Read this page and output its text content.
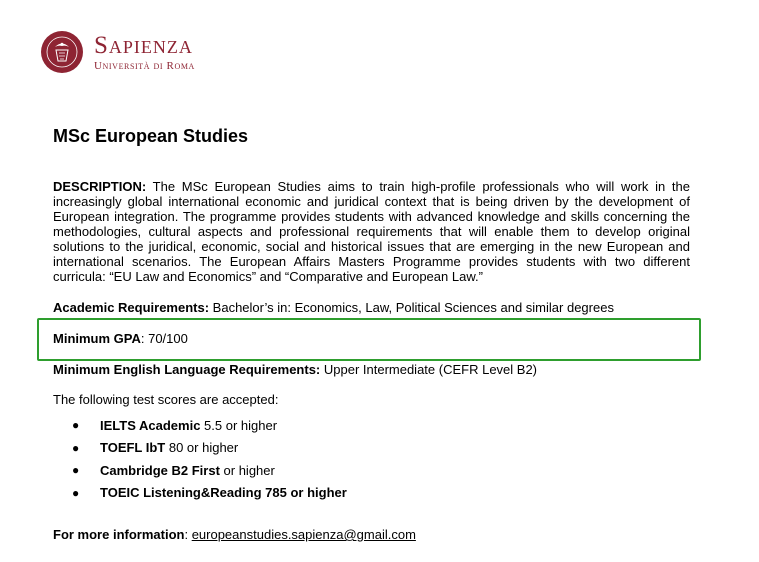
Sapienza
Università di Roma
MSc European Studies

DESCRIPTION: The MSc European Studies aims to train high-profile professionals who will work in the increasingly global international economic and juridical context that is being driven by the development of European integration. The programme provides students with advanced knowledge and skills concerning the methodologies, cultural aspects and professional requirements that will enable them to develop original solutions to the juridical, economic, social and historical issues that are emerging in the new European and international scenarios. The European Affairs Masters Programme provides students with two different curricula: “EU Law and Economics” and “Comparative and European Law.”

Academic Requirements: Bachelor’s in: Economics, Law, Political Sciences and similar degrees

Minimum GPA: 70/100

Minimum English Language Requirements: Upper Intermediate (CEFR Level B2)

The following test scores are accepted:

●	IELTS Academic 5.5 or higher
●	TOEFL IbT 80 or higher
●	Cambridge B2 First or higher
●	TOEIC Listening&Reading 785 or higher

For more information: europeanstudies.sapienza@gmail.com
